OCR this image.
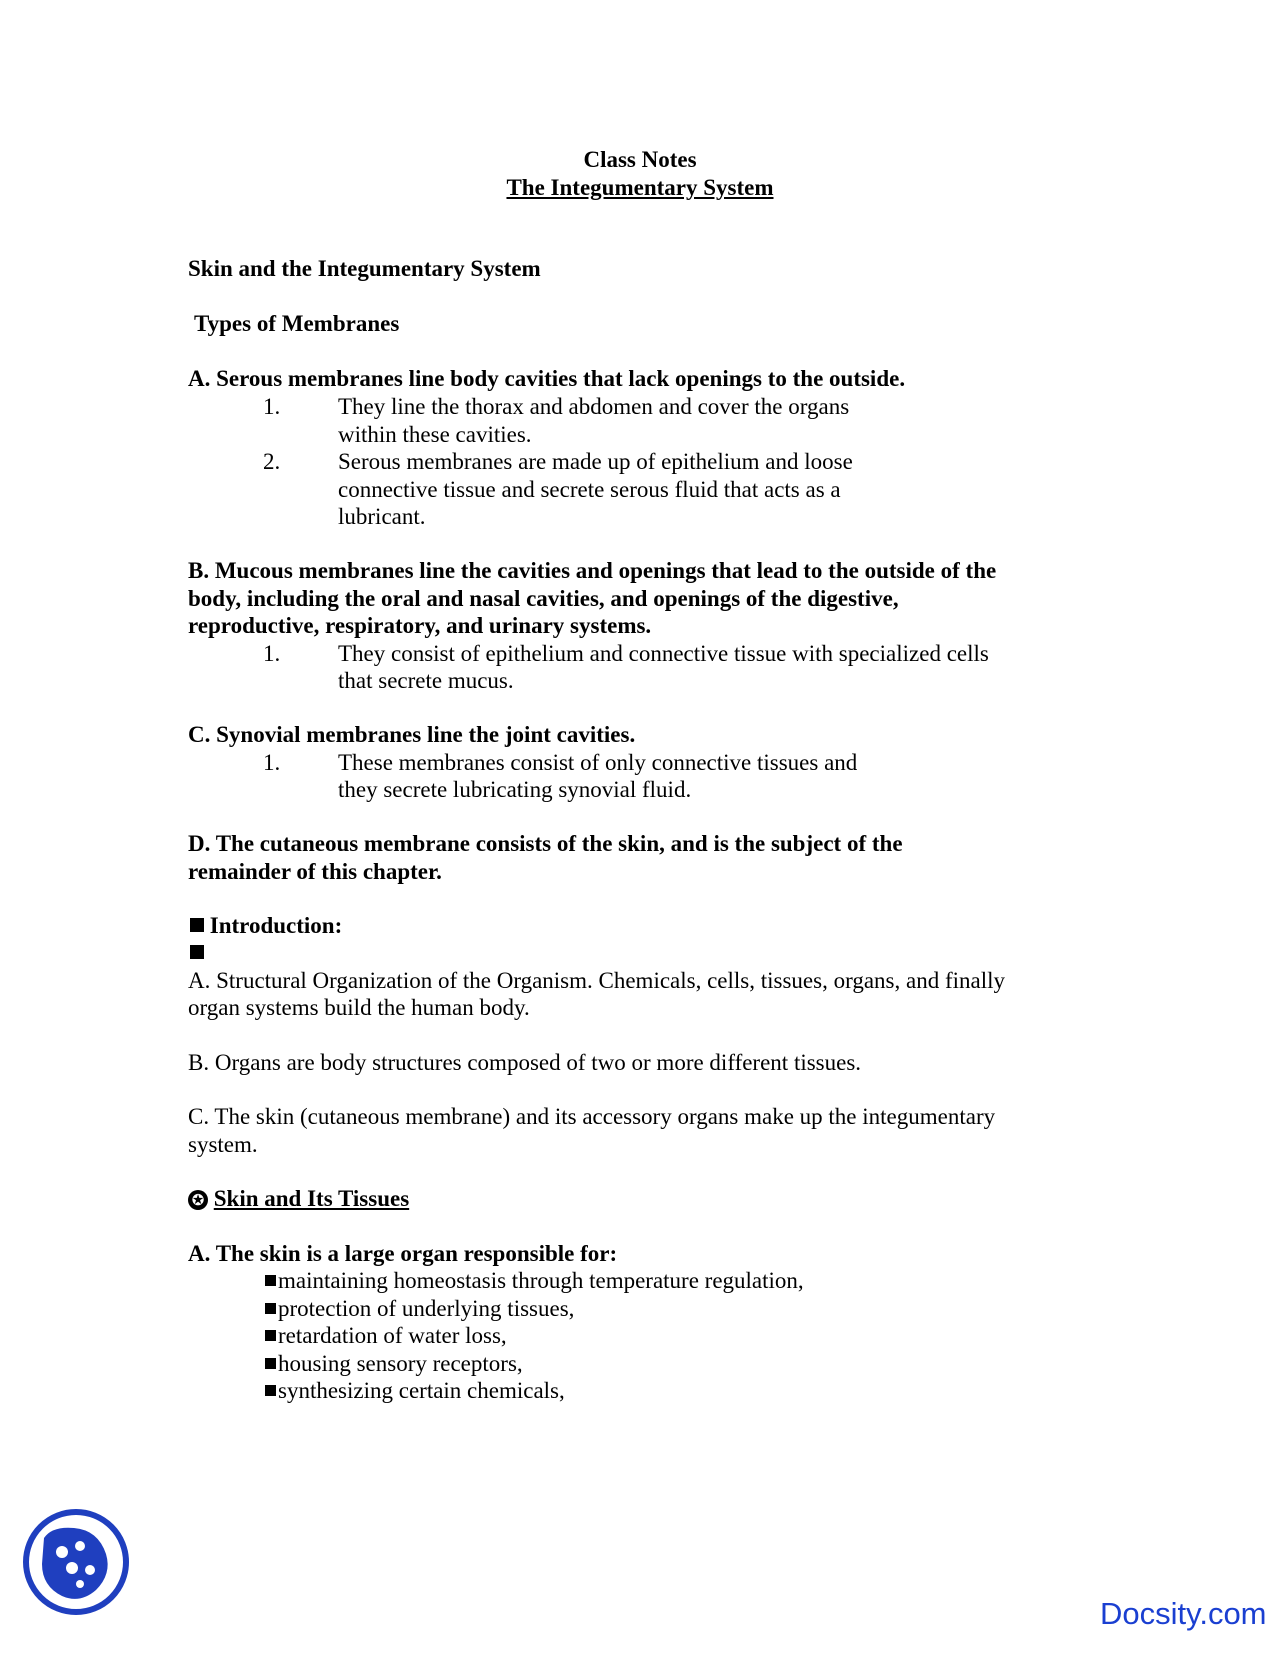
Class Notes
The Integumentary System
Skin and the Integumentary System
Types of Membranes
A. Serous membranes line body cavities that lack openings to the outside.
1.	They line the thorax and abdomen and cover the organs
within these cavities.
2.	Serous membranes are made up of epithelium and loose
connective tissue and secrete serous fluid that acts as a
lubricant.
B. Mucous membranes line the cavities and openings that lead to the outside of the
body, including the oral and nasal cavities, and openings of the digestive,
reproductive, respiratory, and urinary systems.
1.	They consist of epithelium and connective tissue with specialized cells
that secrete mucus.
C. Synovial membranes line the joint cavities.
1.	These membranes consist of only connective tissues and
they secrete lubricating synovial fluid.
D. The cutaneous membrane consists of the skin, and is the subject of the
remainder of this chapter.
Introduction:
A. Structural Organization of the Organism. Chemicals, cells, tissues, organs, and finally
organ systems build the human body.
B. Organs are body structures composed of two or more different tissues.
C. The skin (cutaneous membrane) and its accessory organs make up the integumentary
system.
✪ Skin and Its Tissues
A. The skin is a large organ responsible for:
maintaining homeostasis through temperature regulation,
protection of underlying tissues,
retardation of water loss,
housing sensory receptors,
synthesizing certain chemicals,
Docsity.com
